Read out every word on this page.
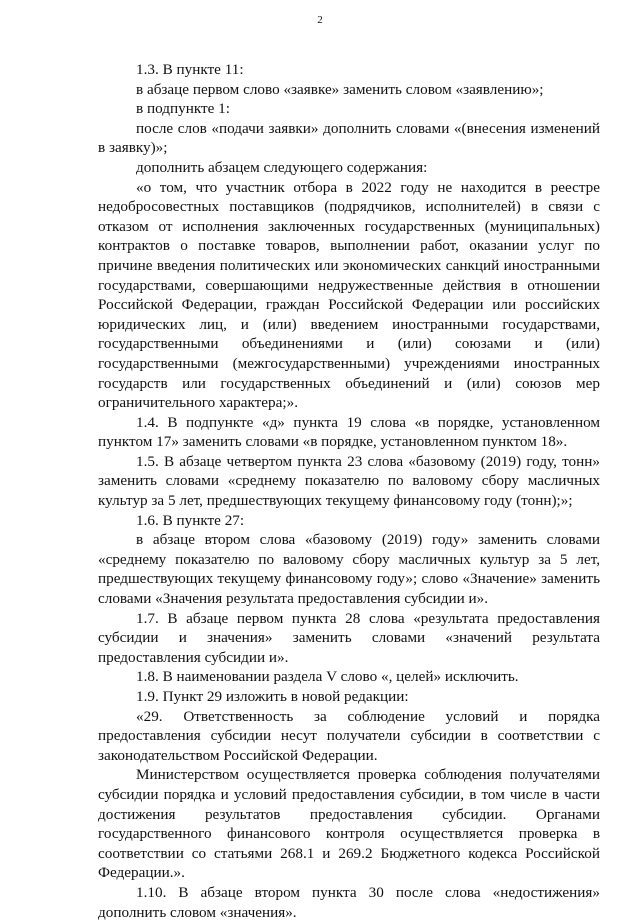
2

1.3. В пункте 11:

в абзаце первом слово «заявке» заменить словом «заявлению»;

в подпункте 1:

после слов «подачи заявки» дополнить словами «(внесения изменений в заявку)»;

дополнить абзацем следующего содержания:

«о том, что участник отбора в 2022 году не находится в реестре недобросовестных поставщиков (подрядчиков, исполнителей) в связи с отказом от исполнения заключенных государственных (муниципальных) контрактов о поставке товаров, выполнении работ, оказании услуг по причине введения политических или экономических санкций иностранными государствами, совершающими недружественные действия в отношении Российской Федерации, граждан Российской Федерации или российских юридических лиц, и (или) введением иностранными государствами, государственными объединениями и (или) союзами и (или) государственными (межгосударственными) учреждениями иностранных государств или государственных объединений и (или) союзов мер ограничительного характера;».

1.4. В подпункте «д» пункта 19 слова «в порядке, установленном пунктом 17» заменить словами «в порядке, установленном пунктом 18».

1.5. В абзаце четвертом пункта 23 слова «базовому (2019) году, тонн» заменить словами «среднему показателю по валовому сбору масличных культур за 5 лет, предшествующих текущему финансовому году (тонн);»;

1.6. В пункте 27:

в абзаце втором слова «базовому (2019) году» заменить словами «среднему показателю по валовому сбору масличных культур за 5 лет, предшествующих текущему финансовому году»; слово «Значение» заменить словами «Значения результата предоставления субсидии и».

1.7. В абзаце первом пункта 28 слова «результата предоставления субсидии и значения» заменить словами «значений результата предоставления субсидии и».

1.8. В наименовании раздела V слово «, целей» исключить.

1.9. Пункт 29 изложить в новой редакции:

«29. Ответственность за соблюдение условий и порядка предоставления субсидии несут получатели субсидии в соответствии с законодательством Российской Федерации.

Министерством осуществляется проверка соблюдения получателями субсидии порядка и условий предоставления субсидии, в том числе в части достижения результатов предоставления субсидии. Органами государственного финансового контроля осуществляется проверка в соответствии со статьями 268.1 и 269.2 Бюджетного кодекса Российской Федерации.».

1.10. В абзаце втором пункта 30 после слова «недостижения» дополнить словом «значения».
